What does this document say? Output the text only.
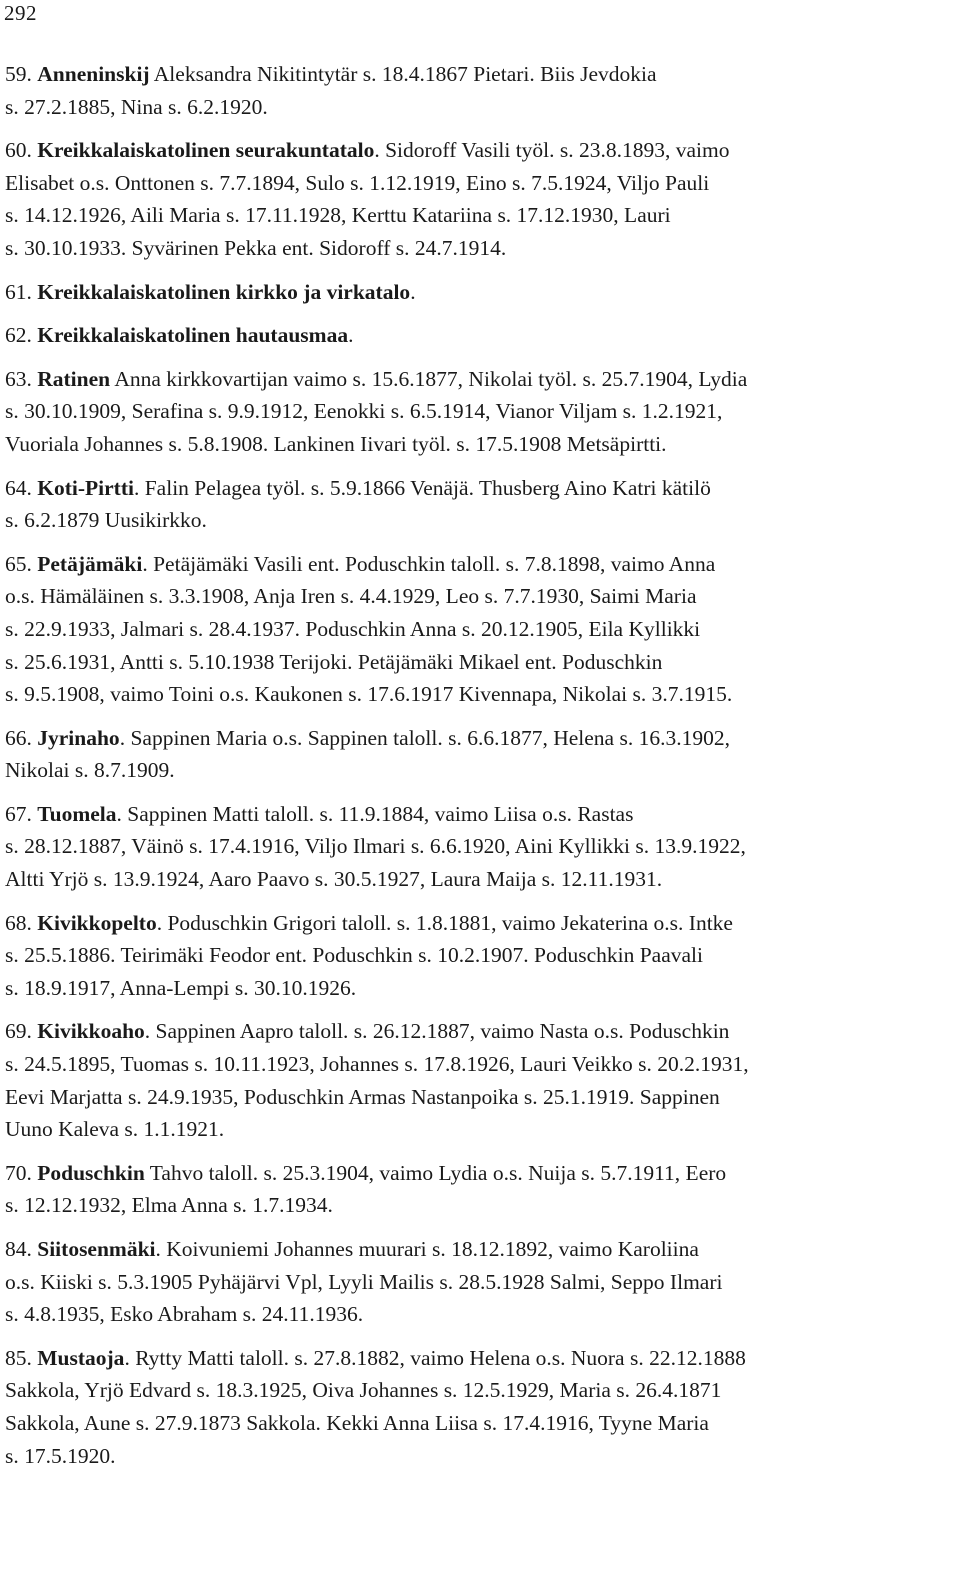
292
59. Anneninskij Aleksandra Nikitintytär s. 18.4.1867 Pietari. Biis Jevdokia
s. 27.2.1885, Nina s. 6.2.1920.
60. Kreikkalaiskatolinen seurakuntatalo. Sidoroff Vasili työl. s. 23.8.1893, vaimo
Elisabet o.s. Onttonen s. 7.7.1894, Sulo s. 1.12.1919, Eino s. 7.5.1924, Viljo Pauli
s. 14.12.1926, Aili Maria s. 17.11.1928, Kerttu Katariina s. 17.12.1930, Lauri
s. 30.10.1933. Syvärinen Pekka ent. Sidoroff s. 24.7.1914.
61. Kreikkalaiskatolinen kirkko ja virkatalo.
62. Kreikkalaiskatolinen hautausmaa.
63. Ratinen Anna kirkkovartijan vaimo s. 15.6.1877, Nikolai työl. s. 25.7.1904, Lydia
s. 30.10.1909, Serafina s. 9.9.1912, Eenokki s. 6.5.1914, Vianor Viljam s. 1.2.1921,
Vuoriala Johannes s. 5.8.1908. Lankinen Iivari työl. s. 17.5.1908 Metsäpirtti.
64. Koti-Pirtti. Falin Pelagea työl. s. 5.9.1866 Venäjä. Thusberg Aino Katri kätilö
s. 6.2.1879 Uusikirkko.
65. Petäjämäki. Petäjämäki Vasili ent. Poduschkin taloll. s. 7.8.1898, vaimo Anna
o.s. Hämäläinen s. 3.3.1908, Anja Iren s. 4.4.1929, Leo s. 7.7.1930, Saimi Maria
s. 22.9.1933, Jalmari s. 28.4.1937. Poduschkin Anna s. 20.12.1905, Eila Kyllikki
s. 25.6.1931, Antti s. 5.10.1938 Terijoki. Petäjämäki Mikael ent. Poduschkin
s. 9.5.1908, vaimo Toini o.s. Kaukonen s. 17.6.1917 Kivennapa, Nikolai s. 3.7.1915.
66. Jyrinaho. Sappinen Maria o.s. Sappinen taloll. s. 6.6.1877, Helena s. 16.3.1902,
Nikolai s. 8.7.1909.
67. Tuomela. Sappinen Matti taloll. s. 11.9.1884, vaimo Liisa o.s. Rastas
s. 28.12.1887, Väinö s. 17.4.1916, Viljo Ilmari s. 6.6.1920, Aini Kyllikki s. 13.9.1922,
Altti Yrjö s. 13.9.1924, Aaro Paavo s. 30.5.1927, Laura Maija s. 12.11.1931.
68. Kivikkopelto. Poduschkin Grigori taloll. s. 1.8.1881, vaimo Jekaterina o.s. Intke
s. 25.5.1886. Teirimäki Feodor ent. Poduschkin s. 10.2.1907. Poduschkin Paavali
s. 18.9.1917, Anna-Lempi s. 30.10.1926.
69. Kivikkoaho. Sappinen Aapro taloll. s. 26.12.1887, vaimo Nasta o.s. Poduschkin
s. 24.5.1895, Tuomas s. 10.11.1923, Johannes s. 17.8.1926, Lauri Veikko s. 20.2.1931,
Eevi Marjatta s. 24.9.1935, Poduschkin Armas Nastanpoika s. 25.1.1919. Sappinen
Uuno Kaleva s. 1.1.1921.
70. Poduschkin Tahvo taloll. s. 25.3.1904, vaimo Lydia o.s. Nuija s. 5.7.1911, Eero
s. 12.12.1932, Elma Anna s. 1.7.1934.
84. Siitosenmäki. Koivuniemi Johannes muurari s. 18.12.1892, vaimo Karoliina
o.s. Kiiski s. 5.3.1905 Pyhäjärvi Vpl, Lyyli Mailis s. 28.5.1928 Salmi, Seppo Ilmari
s. 4.8.1935, Esko Abraham s. 24.11.1936.
85. Mustaoja. Rytty Matti taloll. s. 27.8.1882, vaimo Helena o.s. Nuora s. 22.12.1888
Sakkola, Yrjö Edvard s. 18.3.1925, Oiva Johannes s. 12.5.1929, Maria s. 26.4.1871
Sakkola, Aune s. 27.9.1873 Sakkola. Kekki Anna Liisa s. 17.4.1916, Tyyne Maria
s. 17.5.1920.
